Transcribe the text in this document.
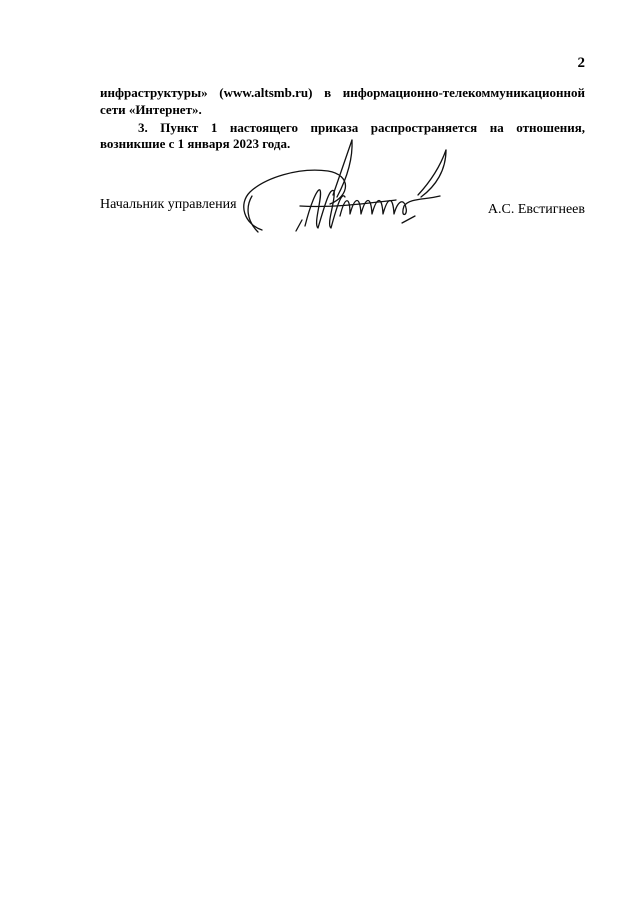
2
инфраструктуры» (www.altsmb.ru) в информационно-телекоммуникационной
сети «Интернет».
3. Пункт 1 настоящего приказа распространяется на отношения,
возникшие с 1 января 2023 года.
Начальник управления	А.С. Евстигнеев
